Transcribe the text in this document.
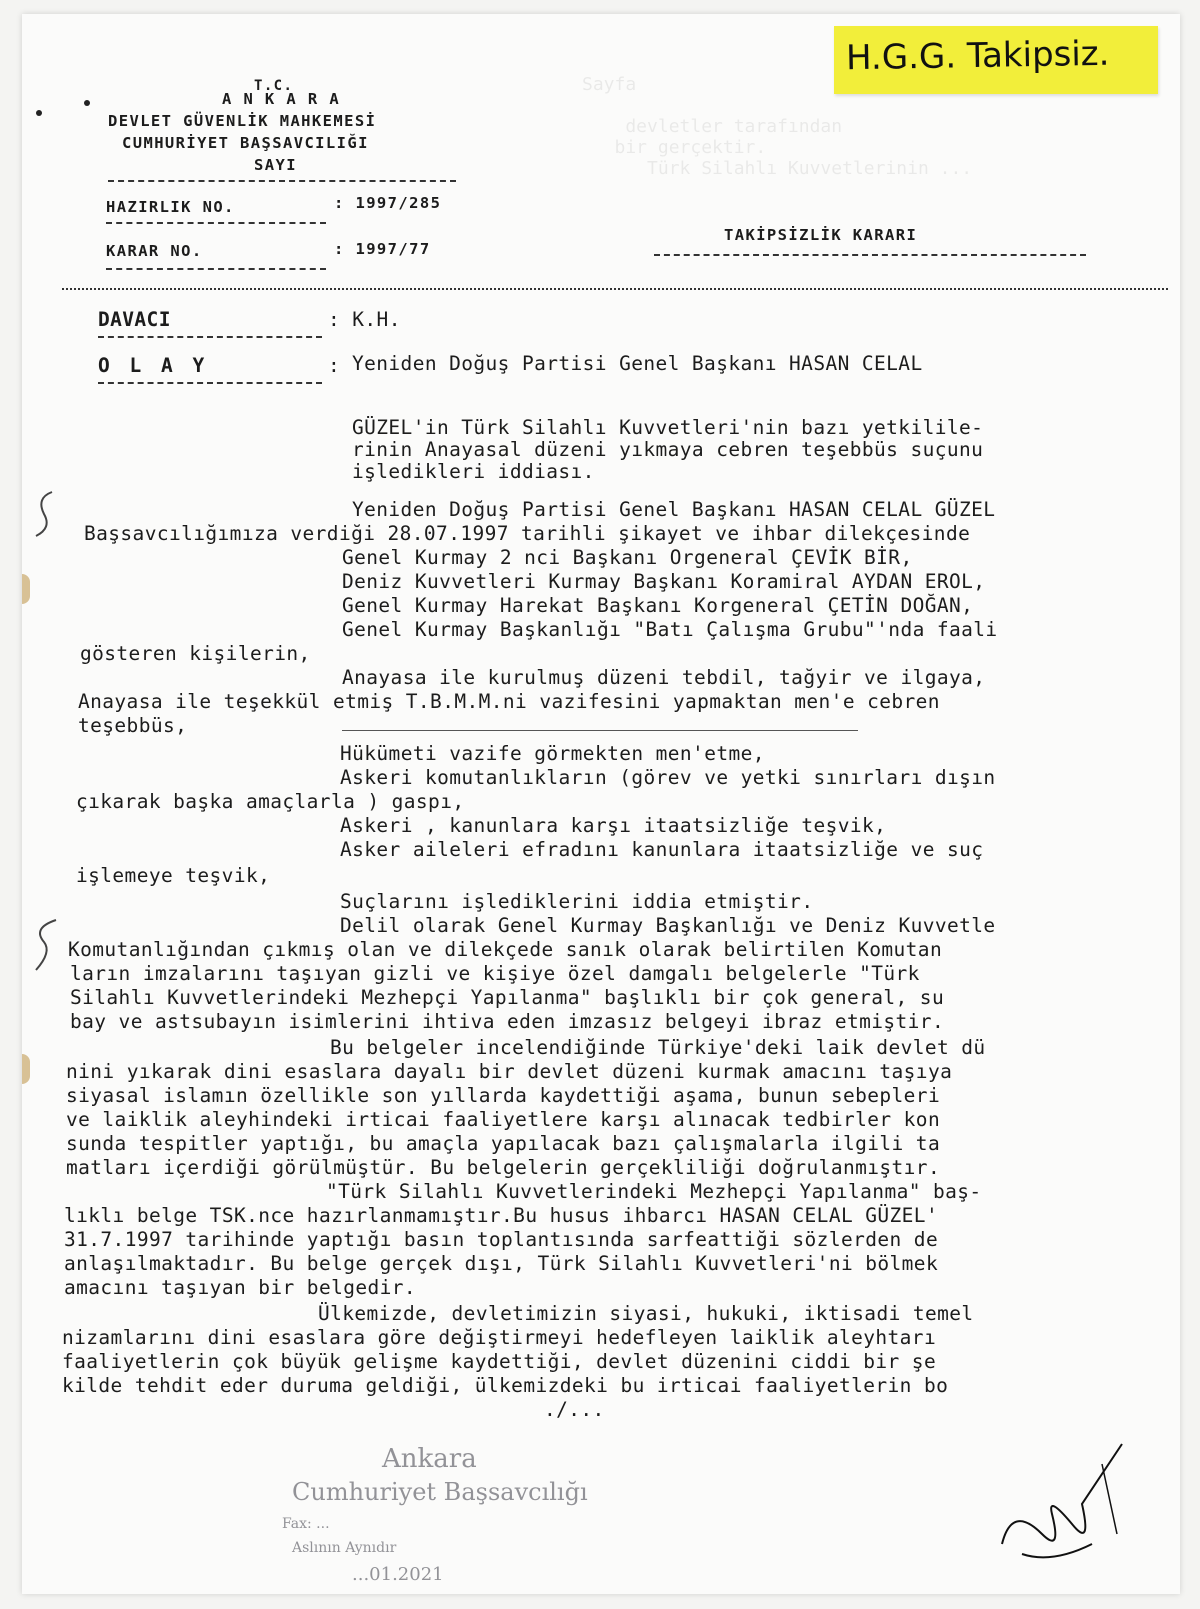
Sayfa

devletler tarafından
bir gerçektir.
Türk Silahlı Kuvvetlerinin ...

H.G.G. Takipsiz.
T.C.
A N K A R A
DEVLET GÜVENLİK MAHKEMESİ
CUMHURİYET BAŞSAVCILIĞI
SAYI
HAZIRLIK NO.	: 1997/285
KARAR NO.	: 1997/77
TAKİPSİZLİK KARARI
DAVACI	: K.H.
O L A Y	: Yeniden Doğuş Partisi Genel Başkanı HASAN CELAL
GÜZEL'in Türk Silahlı Kuvvetleri'nin bazı yetkilile-
rinin Anayasal düzeni yıkmaya cebren teşebbüs suçunu
işledikleri iddiası.
Yeniden Doğuş Partisi Genel Başkanı HASAN CELAL GÜZEL
Başsavcılığımıza verdiği 28.07.1997 tarihli şikayet ve ihbar dilekçesinde
Genel Kurmay 2 nci Başkanı Orgeneral ÇEVİK BİR,
Deniz Kuvvetleri Kurmay Başkanı Koramiral AYDAN EROL,
Genel Kurmay Harekat Başkanı Korgeneral ÇETİN DOĞAN,
Genel Kurmay Başkanlığı "Batı Çalışma Grubu"'nda faali
gösteren kişilerin,
Anayasa ile kurulmuş düzeni tebdil, tağyir ve ilgaya,
Anayasa ile teşekkül etmiş T.B.M.M.ni vazifesini yapmaktan men'e cebren
teşebbüs,
Hükümeti vazife görmekten men'etme,
Askeri komutanlıkların (görev ve yetki sınırları dışın
çıkarak başka amaçlarla ) gaspı,
Askeri , kanunlara karşı itaatsizliğe teşvik,
Asker aileleri efradını kanunlara itaatsizliğe ve suç
işlemeye teşvik,
Suçlarını işlediklerini iddia etmiştir.
Delil olarak Genel Kurmay Başkanlığı ve Deniz Kuvvetle
Komutanlığından çıkmış olan ve dilekçede sanık olarak belirtilen Komutan
ların imzalarını taşıyan gizli ve kişiye özel damgalı belgelerle "Türk
Silahlı Kuvvetlerindeki Mezhepçi Yapılanma" başlıklı bir çok general, su
bay ve astsubayın isimlerini ihtiva eden imzasız belgeyi ibraz etmiştir.
Bu belgeler incelendiğinde Türkiye'deki laik devlet dü
nini yıkarak dini esaslara dayalı bir devlet düzeni kurmak amacını taşıya
siyasal islamın özellikle son yıllarda kaydettiği aşama, bunun sebepleri
ve laiklik aleyhindeki irticai faaliyetlere karşı alınacak tedbirler kon
sunda tespitler yaptığı, bu amaçla yapılacak bazı çalışmalarla ilgili ta
matları içerdiği görülmüştür. Bu belgelerin gerçekliliği doğrulanmıştır.
"Türk Silahlı Kuvvetlerindeki Mezhepçi Yapılanma" baş-
lıklı belge TSK.nce hazırlanmamıştır.Bu husus ihbarcı HASAN CELAL GÜZEL'
31.7.1997 tarihinde yaptığı basın toplantısında sarfeattiği sözlerden de
anlaşılmaktadır. Bu belge gerçek dışı, Türk Silahlı Kuvvetleri'ni bölmek
amacını taşıyan bir belgedir.
Ülkemizde, devletimizin siyasi, hukuki, iktisadi temel
nizamlarını dini esaslara göre değiştirmeyi hedefleyen laiklik aleyhtarı
faaliyetlerin çok büyük gelişme kaydettiği, devlet düzenini ciddi bir şe
kilde tehdit eder duruma geldiği, ülkemizdeki bu irticai faaliyetlerin bo
./...
Ankara
Cumhuriyet Başsavcılığı
Fax: ...
Aslının Aynıdır
...01.2021
